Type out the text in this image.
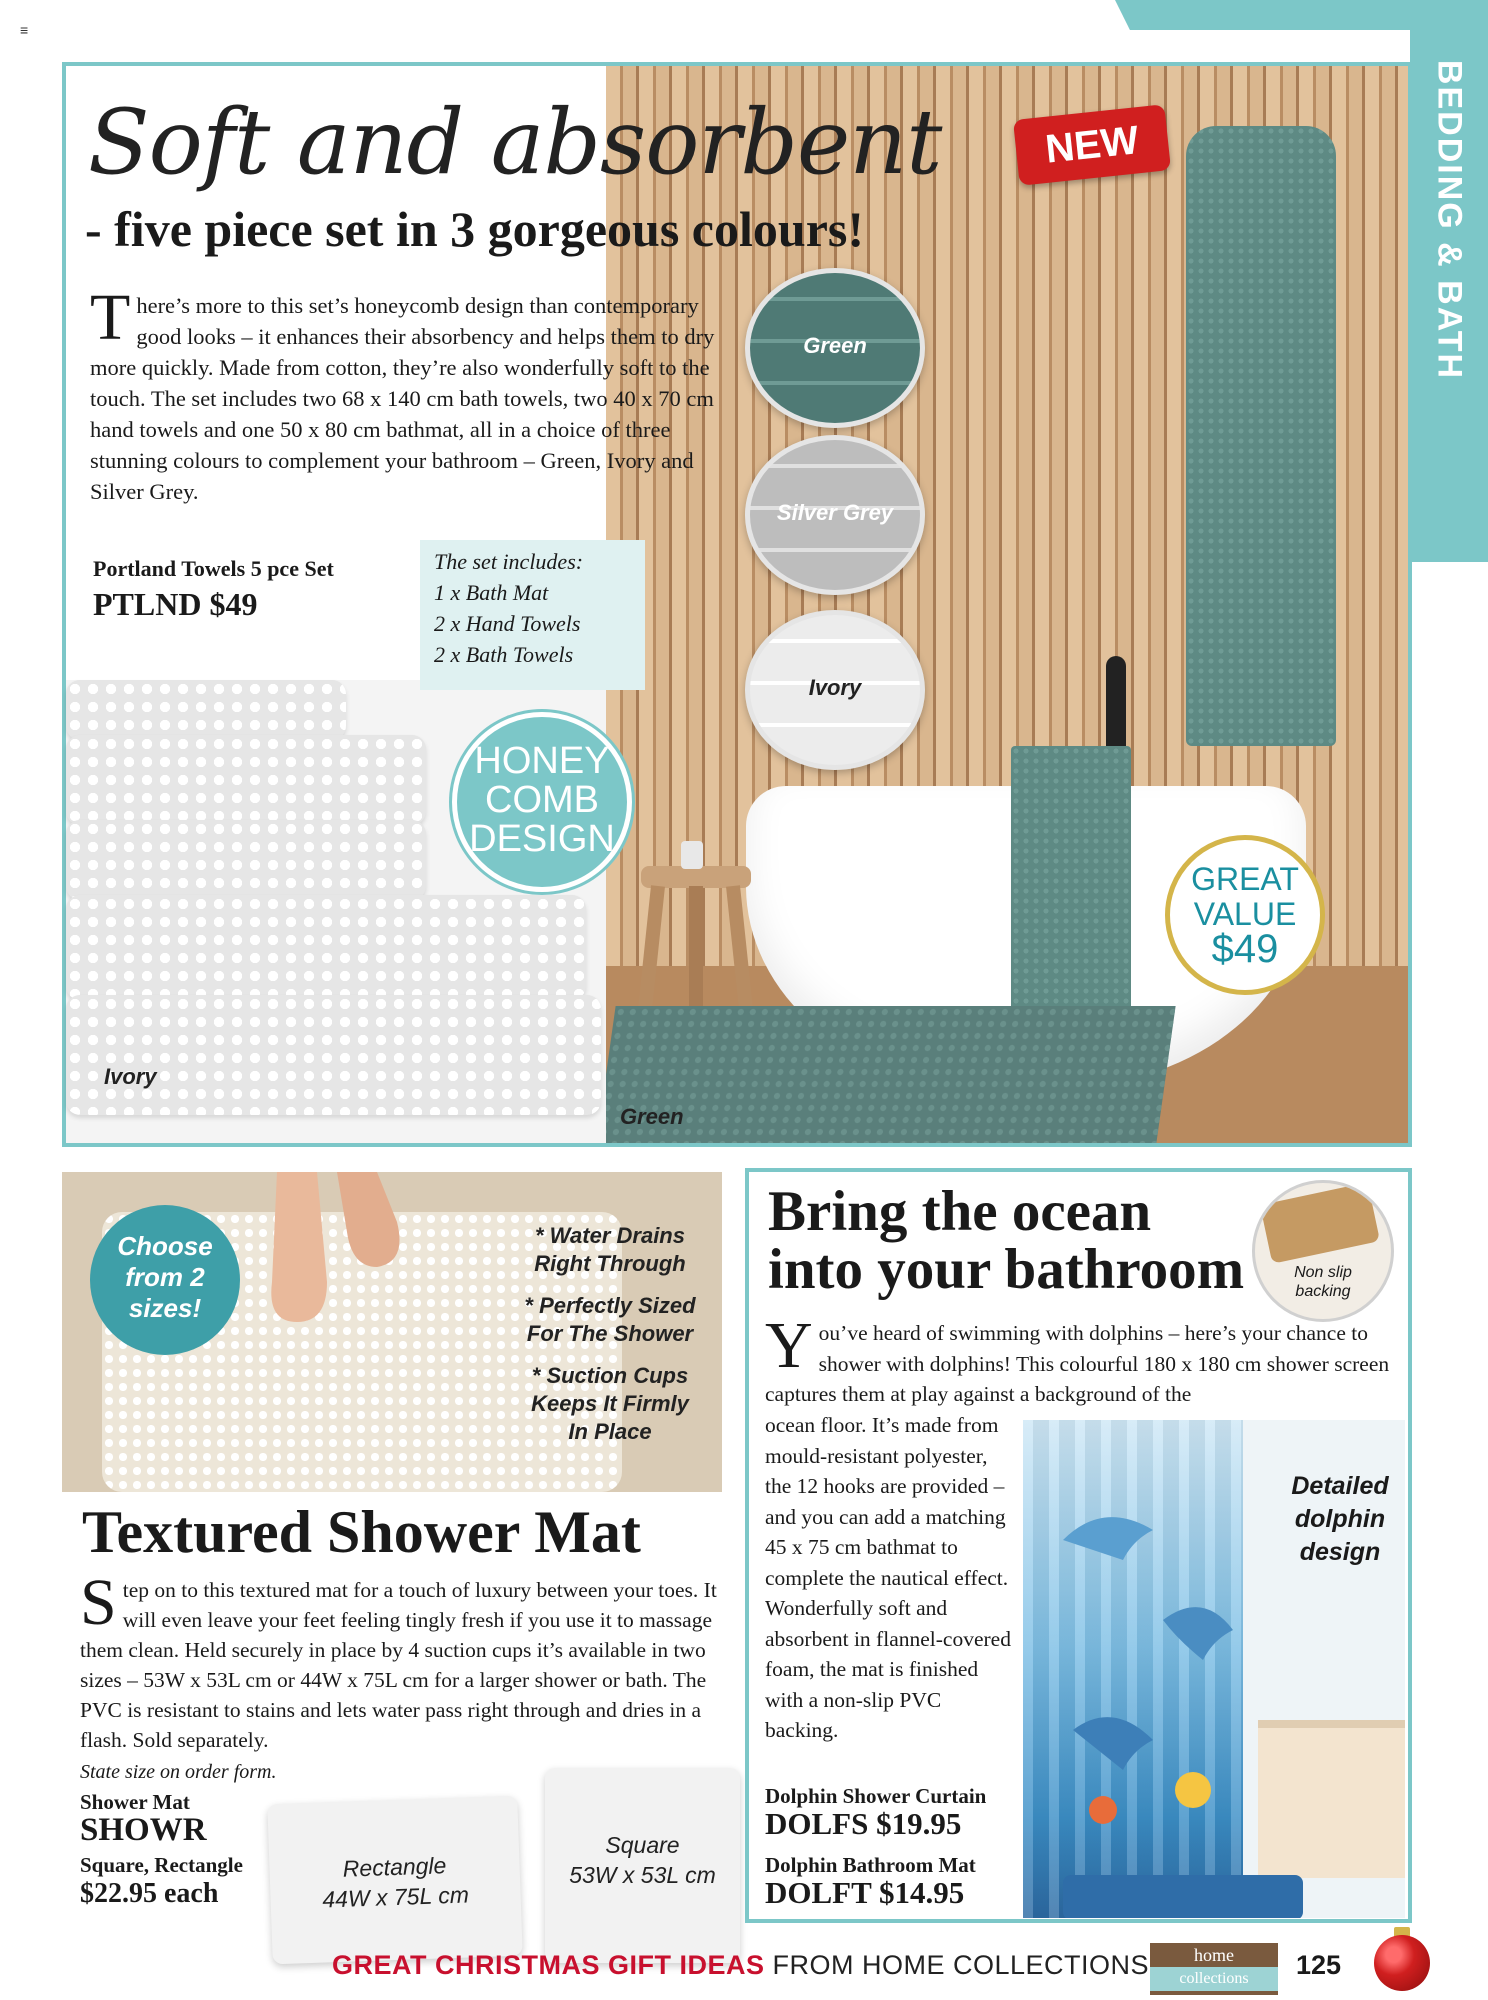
≡
BEDDING & BATH
Soft and absorbent
- five piece set in 3 gorgeous colours!
There’s more to this set’s honeycomb design than contemporary good looks – it enhances their absorbency and helps them to dry more quickly. Made from cotton, they’re also wonderfully soft to the touch. The set includes two 68 x 140 cm bath towels, two 40 x 70 cm hand towels and one 50 x 80 cm bathmat, all in a choice of three stunning colours to complement your bathroom – Green, Ivory and Silver Grey.
Portland Towels 5 pce Set
PTLND $49
The set includes:
1 x Bath Mat
2 x Hand Towels
2 x Bath Towels
NEW
Green
Silver Grey
Ivory
HONEY
COMB
DESIGN
GREAT
VALUE
$49
Ivory
Green
Choose
from 2
sizes!
* Water Drains
Right Through
* Perfectly Sized
For The Shower
* Suction Cups
Keeps It Firmly
In Place
Textured Shower Mat
Step on to this textured mat for a touch of luxury between your toes. It will even leave your feet feeling tingly fresh if you use it to massage them clean. Held securely in place by 4 suction cups it’s available in two sizes – 53W x 53L cm or 44W x 75L cm for a larger shower or bath. The PVC is resistant to stains and lets water pass right through and dries in a flash. Sold separately.
State size on order form.
Shower Mat
SHOWR
Square, Rectangle
$22.95 each
Rectangle
44W x 75L cm
Square
53W x 53L cm
Bring the ocean
into your bathroom	Non slip
backing
You’ve heard of swimming with dolphins – here’s your chance to shower with dolphins! This colourful 180 x 180 cm shower screen captures them at play against a background of the
ocean floor. It’s made from mould-resistant polyester, the 12 hooks are provided – and you can add a matching 45 x 75 cm bathmat to complete the nautical effect. Wonderfully soft and absorbent in flannel-covered foam, the mat is finished with a non-slip PVC backing.
Detailed
dolphin
design
Dolphin Shower Curtain
DOLFS $19.95
Dolphin Bathroom Mat
DOLFT $14.95
GREAT CHRISTMAS GIFT IDEAS FROM HOME COLLECTIONS	home
collections	125
